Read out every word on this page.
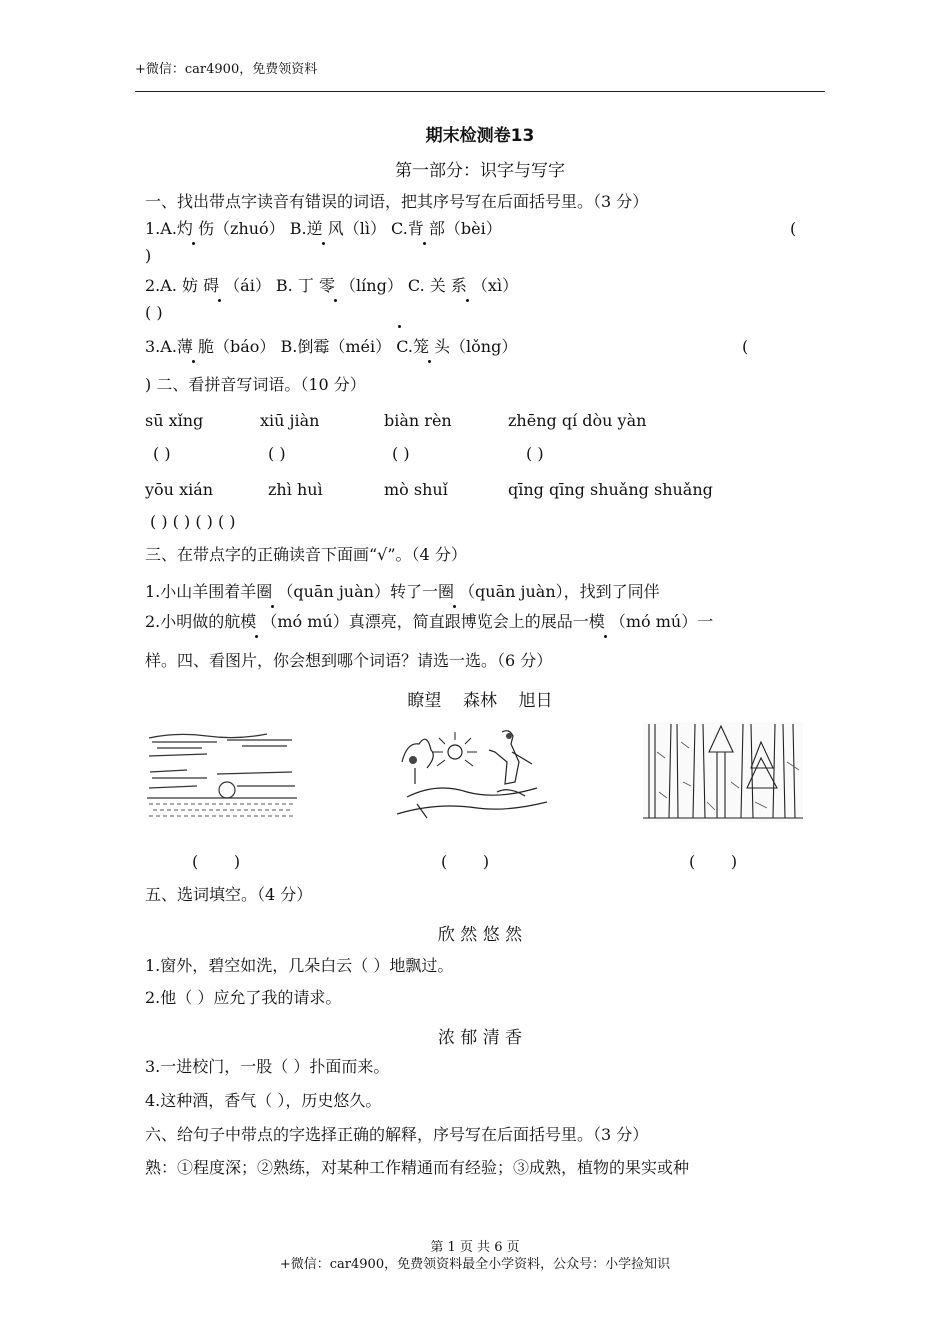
+微信：car4900，免费领资料
期末检测卷13
第一部分：识字与写字
一、找出带点字读音有错误的词语，把其序号写在后面括号里。（3 分）
1.A.灼 伤（zhuó） B.逆 风（lì） C.背 部（bèi）	(
)
2.A. 妨 碍 （ái） B. 丁 零 （líng） C. 关 系 （xì）
( )
3.A.薄 脆（báo） B.倒霉（méi） C.笼 头（lǒng）	(
) 二、看拼音写词语。（10 分）
sū xǐng	xiū jiàn	biàn rèn	zhēng qí dòu yàn
( )	( )	( )	( )
yōu xián	zhì huì	mò shuǐ	qīng qīng shuǎng shuǎng
( ) ( ) ( ) ( )
三、在带点字的正确读音下面画“√”。（4 分）
1.小山羊围着羊圈 （quān juàn）转了一圈 （quān juàn），找到了同伴
2.小明做的航模 （mó mú）真漂亮，简直跟博览会上的展品一模 （mó mú）一
样。四、看图片，你会想到哪个词语？请选一选。（6 分）
瞭望    森林    旭日
(       )	(       )	(       )
五、选词填空。（4 分）
欣 然 悠 然
1.窗外，碧空如洗，几朵白云（ ）地飘过。
2.他（ ）应允了我的请求。
浓 郁 清 香
3.一进校门，一股（ ）扑面而来。
4.这种酒，香气（ ），历史悠久。
六、给句子中带点的字选择正确的解释，序号写在后面括号里。（3 分）
熟：①程度深；②熟练，对某种工作精通而有经验；③成熟，植物的果实或种
第 1 页 共 6 页
+微信：car4900，免费领资料最全小学资料，公众号：小学捡知识
